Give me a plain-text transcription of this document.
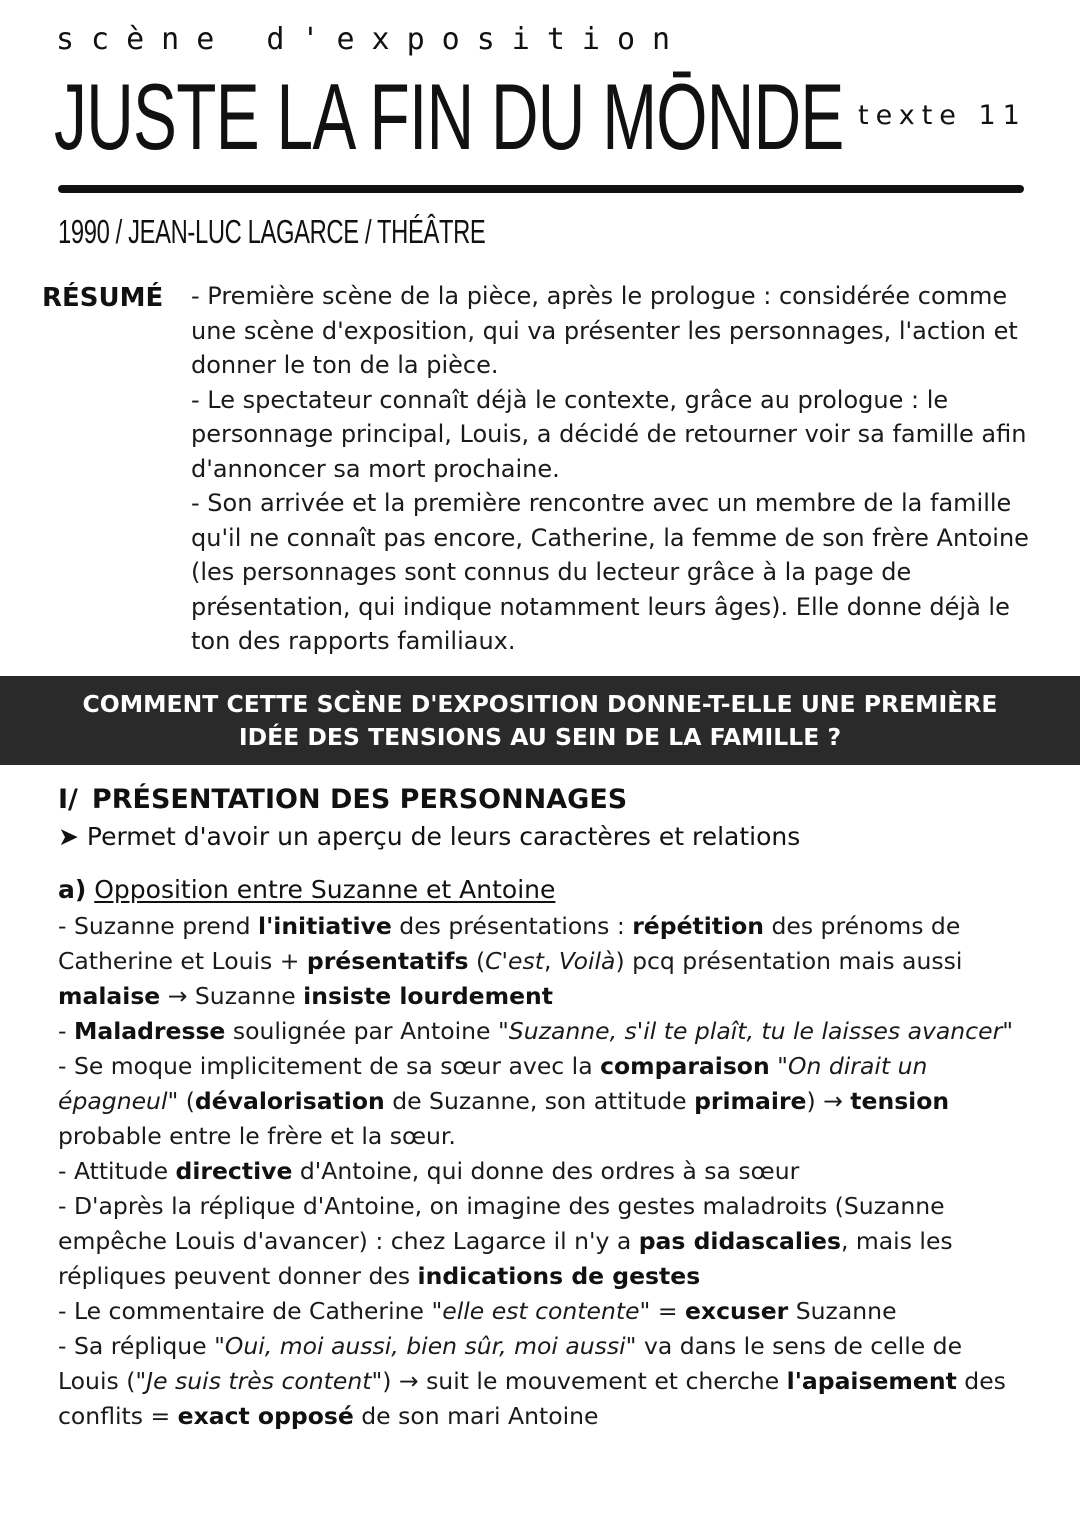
scène d'exposition
JUSTE LA FIN DU MŌNDE texte 11
1990 / JEAN-LUC LAGARCE / THÉÂTRE
RÉSUMÉ - Première scène de la pièce, après le prologue : considérée comme une scène d'exposition, qui va présenter les personnages, l'action et donner le ton de la pièce.
- Le spectateur connaît déjà le contexte, grâce au prologue : le personnage principal, Louis, a décidé de retourner voir sa famille afin d'annoncer sa mort prochaine.
- Son arrivée et la première rencontre avec un membre de la famille qu'il ne connaît pas encore, Catherine, la femme de son frère Antoine (les personnages sont connus du lecteur grâce à la page de présentation, qui indique notamment leurs âges). Elle donne déjà le ton des rapports familiaux.
COMMENT CETTE SCÈNE D'EXPOSITION DONNE-T-ELLE UNE PREMIÈRE IDÉE DES TENSIONS AU SEIN DE LA FAMILLE ?
I/ PRÉSENTATION DES PERSONNAGES
➤ Permet d'avoir un aperçu de leurs caractères et relations
a) Opposition entre Suzanne et Antoine
- Suzanne prend l'initiative des présentations : répétition des prénoms de Catherine et Louis + présentatifs (C'est, Voilà) pcq présentation mais aussi malaise → Suzanne insiste lourdement
- Maladresse soulignée par Antoine "Suzanne, s'il te plaît, tu le laisses avancer"
- Se moque implicitement de sa sœur avec la comparaison "On dirait un épagneul" (dévalorisation de Suzanne, son attitude primaire) → tension probable entre le frère et la sœur.
- Attitude directive d'Antoine, qui donne des ordres à sa sœur
- D'après la réplique d'Antoine, on imagine des gestes maladroits (Suzanne empêche Louis d'avancer) : chez Lagarce il n'y a pas didascalies, mais les répliques peuvent donner des indications de gestes
- Le commentaire de Catherine "elle est contente" = excuser Suzanne
- Sa réplique "Oui, moi aussi, bien sûr, moi aussi" va dans le sens de celle de Louis ("Je suis très content") → suit le mouvement et cherche l'apaisement des conflits = exact opposé de son mari Antoine
